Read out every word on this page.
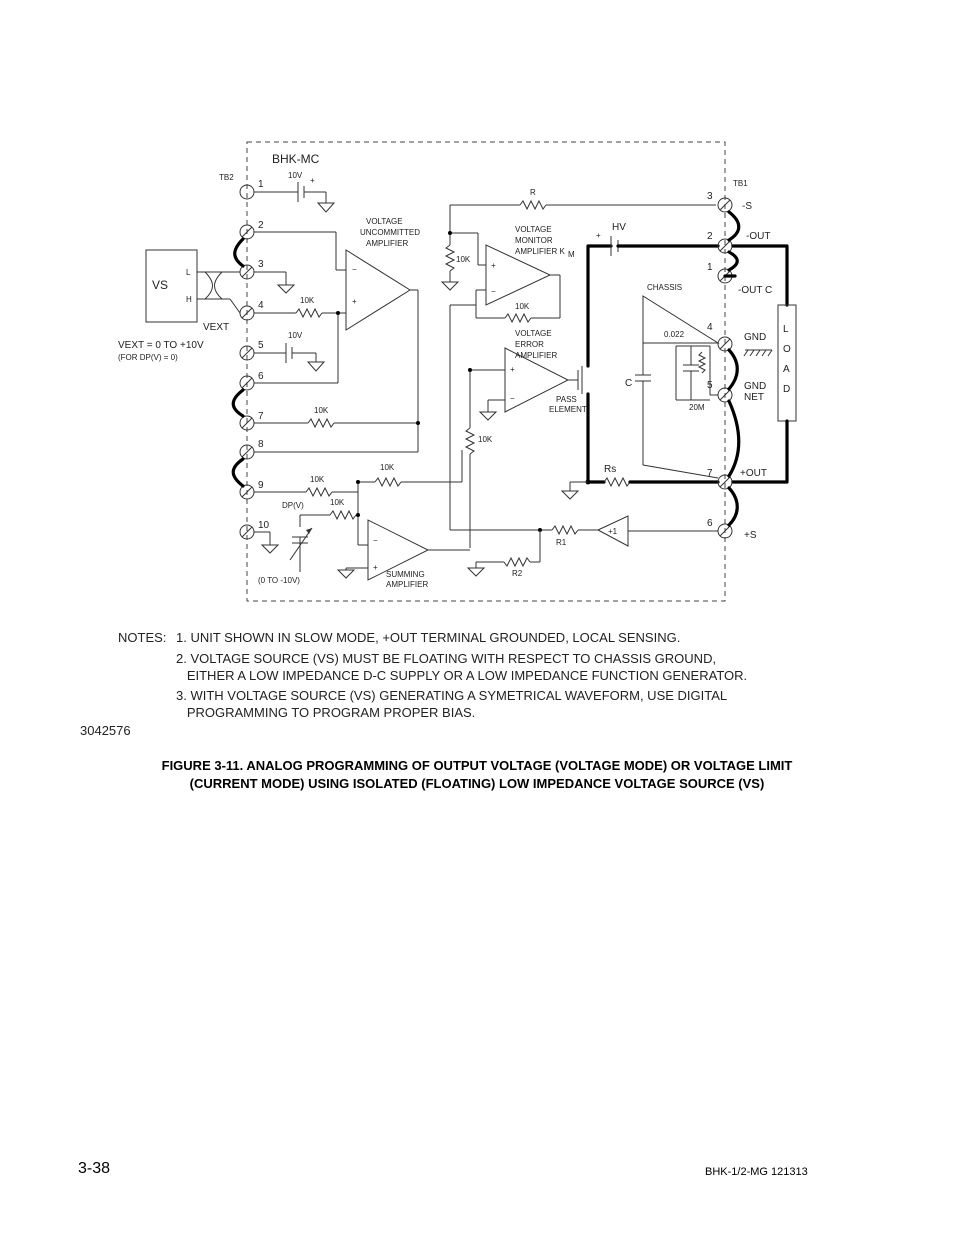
BHK-MC
TB2
TB1
1
2
3
4
5
6
7
8
9
10
10V
+
VS
L
H
VEXT
VEXT = 0 TO +10V
(FOR DP(V) = 0)
10V
−
+
VOLTAGE
UNCOMMITTED
AMPLIFIER
10K
10K
R
10K
+
−
VOLTAGE
MONITOR
AMPLIFIER K M
10K
+
−
VOLTAGE
ERROR
AMPLIFIER
10K
PASS
ELEMENT
HV
+
Rs
3
2
1
4
5
7
6
-S
-OUT
-OUT C
GND
GND
NET
+OUT
+S
L
O
A
D
CHASSIS
C
0.022
20M
10K
10K
DP(V)	10K
(0 TO -10V)
−
+
SUMMING
AMPLIFIER
R1
R2
+1
NOTES: 1. UNIT SHOWN IN SLOW MODE, +OUT TERMINAL GROUNDED, LOCAL SENSING.
2. VOLTAGE SOURCE (VS) MUST BE FLOATING WITH RESPECT TO CHASSIS GROUND,
EITHER A LOW IMPEDANCE D-C SUPPLY OR A LOW IMPEDANCE FUNCTION GENERATOR.
3. WITH VOLTAGE SOURCE (VS) GENERATING A SYMETRICAL WAVEFORM, USE DIGITAL
PROGRAMMING TO PROGRAM PROPER BIAS.
3042576
FIGURE 3-11. ANALOG PROGRAMMING OF OUTPUT VOLTAGE (VOLTAGE MODE) OR VOLTAGE LIMIT
(CURRENT MODE) USING ISOLATED (FLOATING) LOW IMPEDANCE VOLTAGE SOURCE (VS)
3-38	BHK-1/2-MG 121313
